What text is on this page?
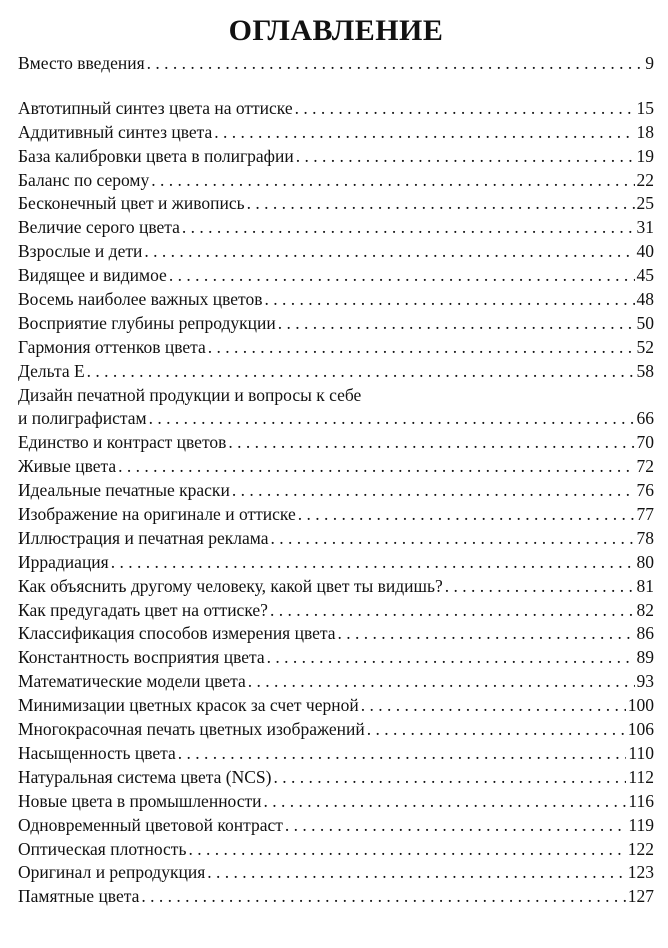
ОГЛАВЛЕНИЕ
Вместо введения . . .	9
Автотипный синтез цвета на оттиске . . .	15
Аддитивный синтез цвета . . .	18
База калибровки цвета в полиграфии . . .	19
Баланс по серому . . .	22
Бесконечный цвет и живопись . . .	25
Величие серого цвета . . .	31
Взрослые и дети . . .	40
Видящее и видимое . . .	45
Восемь наиболее важных цветов . . .	48
Восприятие глубины репродукции . . .	50
Гармония оттенков цвета . . .	52
Дельта Е . . .	58
Дизайн печатной продукции и вопросы к себе
и полиграфистам . . .	66
Единство и контраст цветов . . .	70
Живые цвета . . .	72
Идеальные печатные краски . . .	76
Изображение на оригинале и оттиске . . .	77
Иллюстрация и печатная реклама . . .	78
Иррадиация . . .	80
Как объяснить другому человеку, какой цвет ты видишь? . . .	81
Как предугадать цвет на оттиске? . . .	82
Классификация способов измерения цвета . . .	86
Константность восприятия цвета . . .	89
Математические модели цвета . . .	93
Минимизации цветных красок за счет черной . . .	100
Многокрасочная печать цветных изображений . . .	106
Насыщенность цвета . . .	110
Натуральная система цвета (NCS) . . .	112
Новые цвета в промышленности . . .	116
Одновременный цветовой контраст . . .	119
Оптическая плотность . . .	122
Оригинал и репродукция . . .	123
Памятные цвета . . .	127
